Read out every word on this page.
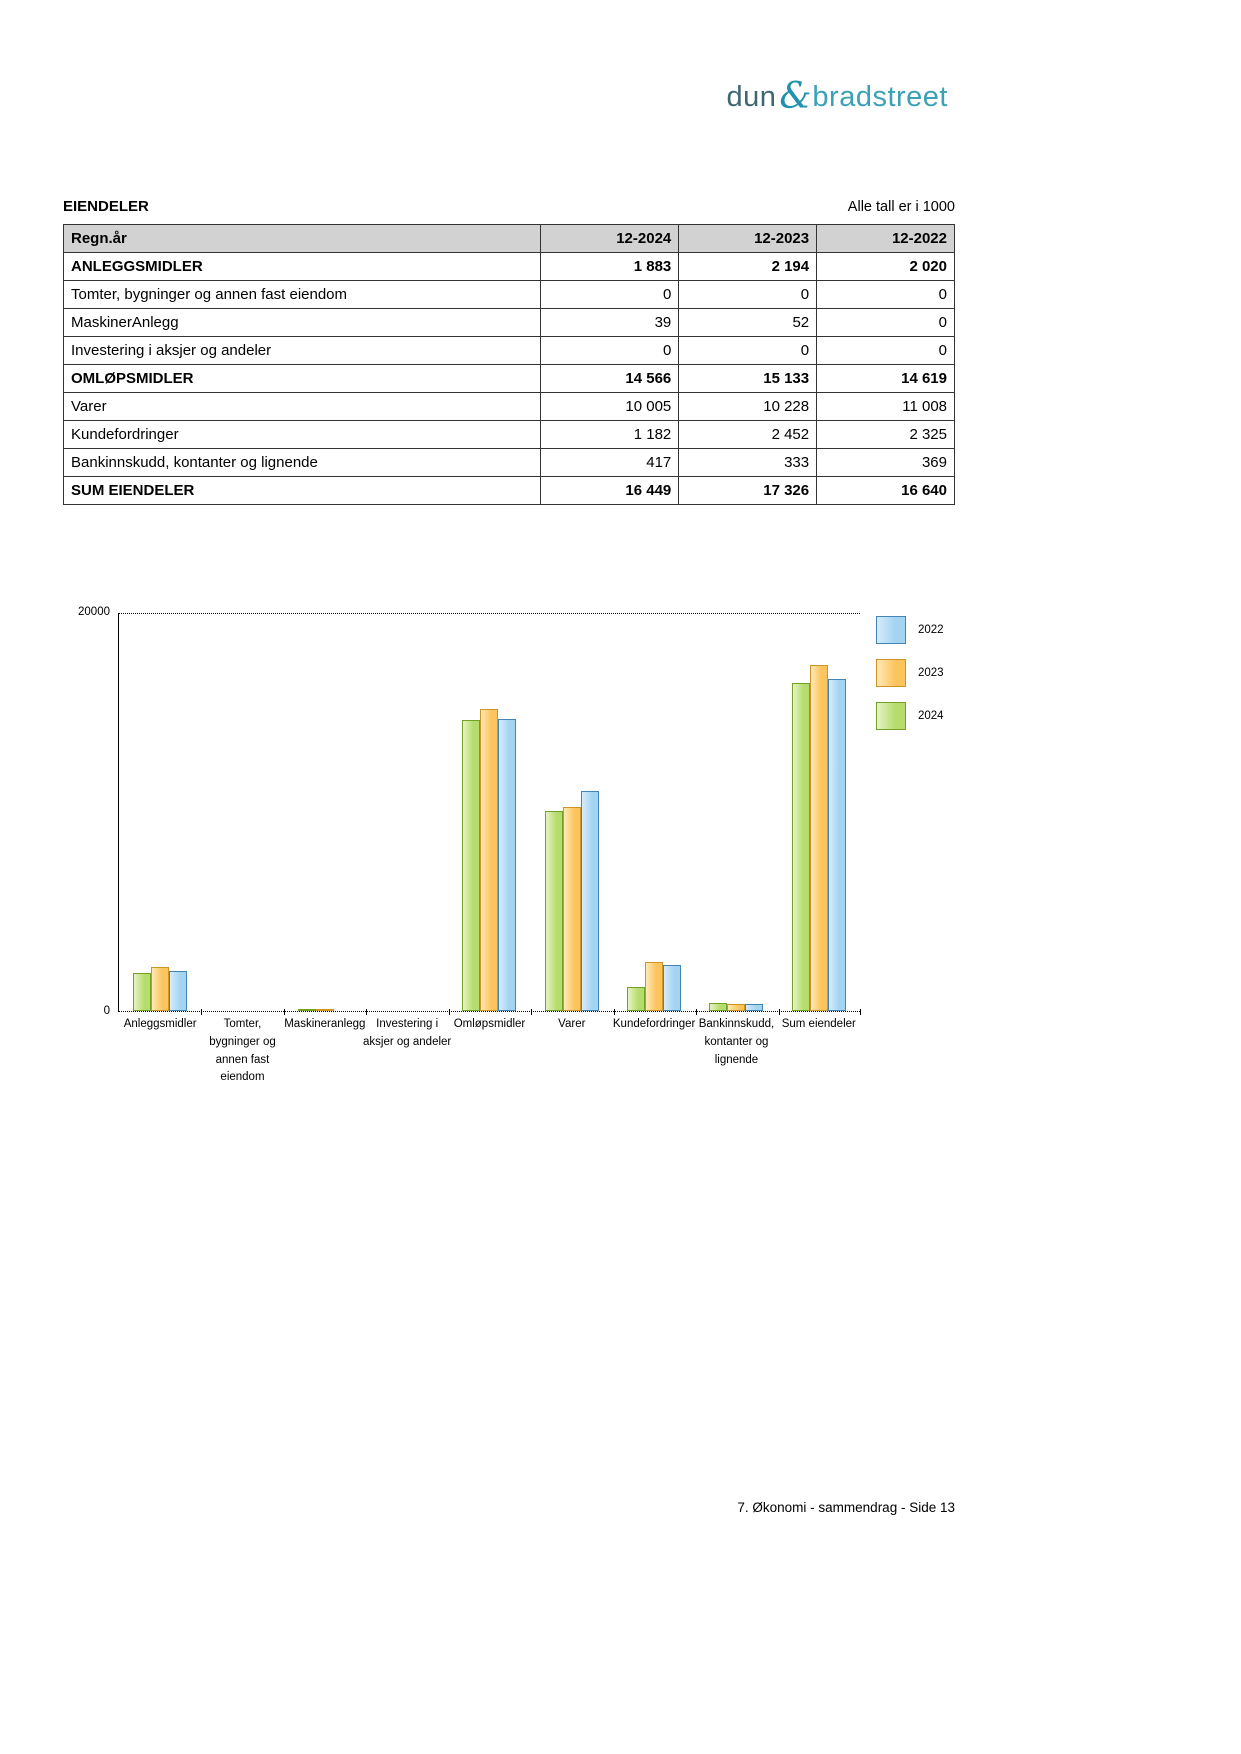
dun & bradstreet
EIENDELER	Alle tall er i 1000
Regn.år	12-2024	12-2023	12-2022
ANLEGGSMIDLER	1 883	2 194	2 020
Tomter, bygninger og annen fast eiendom	0	0	0
MaskinerAnlegg	39	52	0
Investering i aksjer og andeler	0	0	0
OMLØPSMIDLER	14 566	15 133	14 619
Varer	10 005	10 228	11 008
Kundefordringer	1 182	2 452	2 325
Bankinnskudd, kontanter og lignende	417	333	369
SUM EIENDELER	16 449	17 326	16 640
20000
0
Anleggsmidler	Tomter, bygninger og annen fast eiendom
Maskineranlegg Investering i aksjer og andeler
Omløpsmidler	Varer	Kundefordringer Bankinnskudd, kontanter og lignende
Sum eiendeler
2022
2023
2024
7. Økonomi - sammendrag - Side 13
